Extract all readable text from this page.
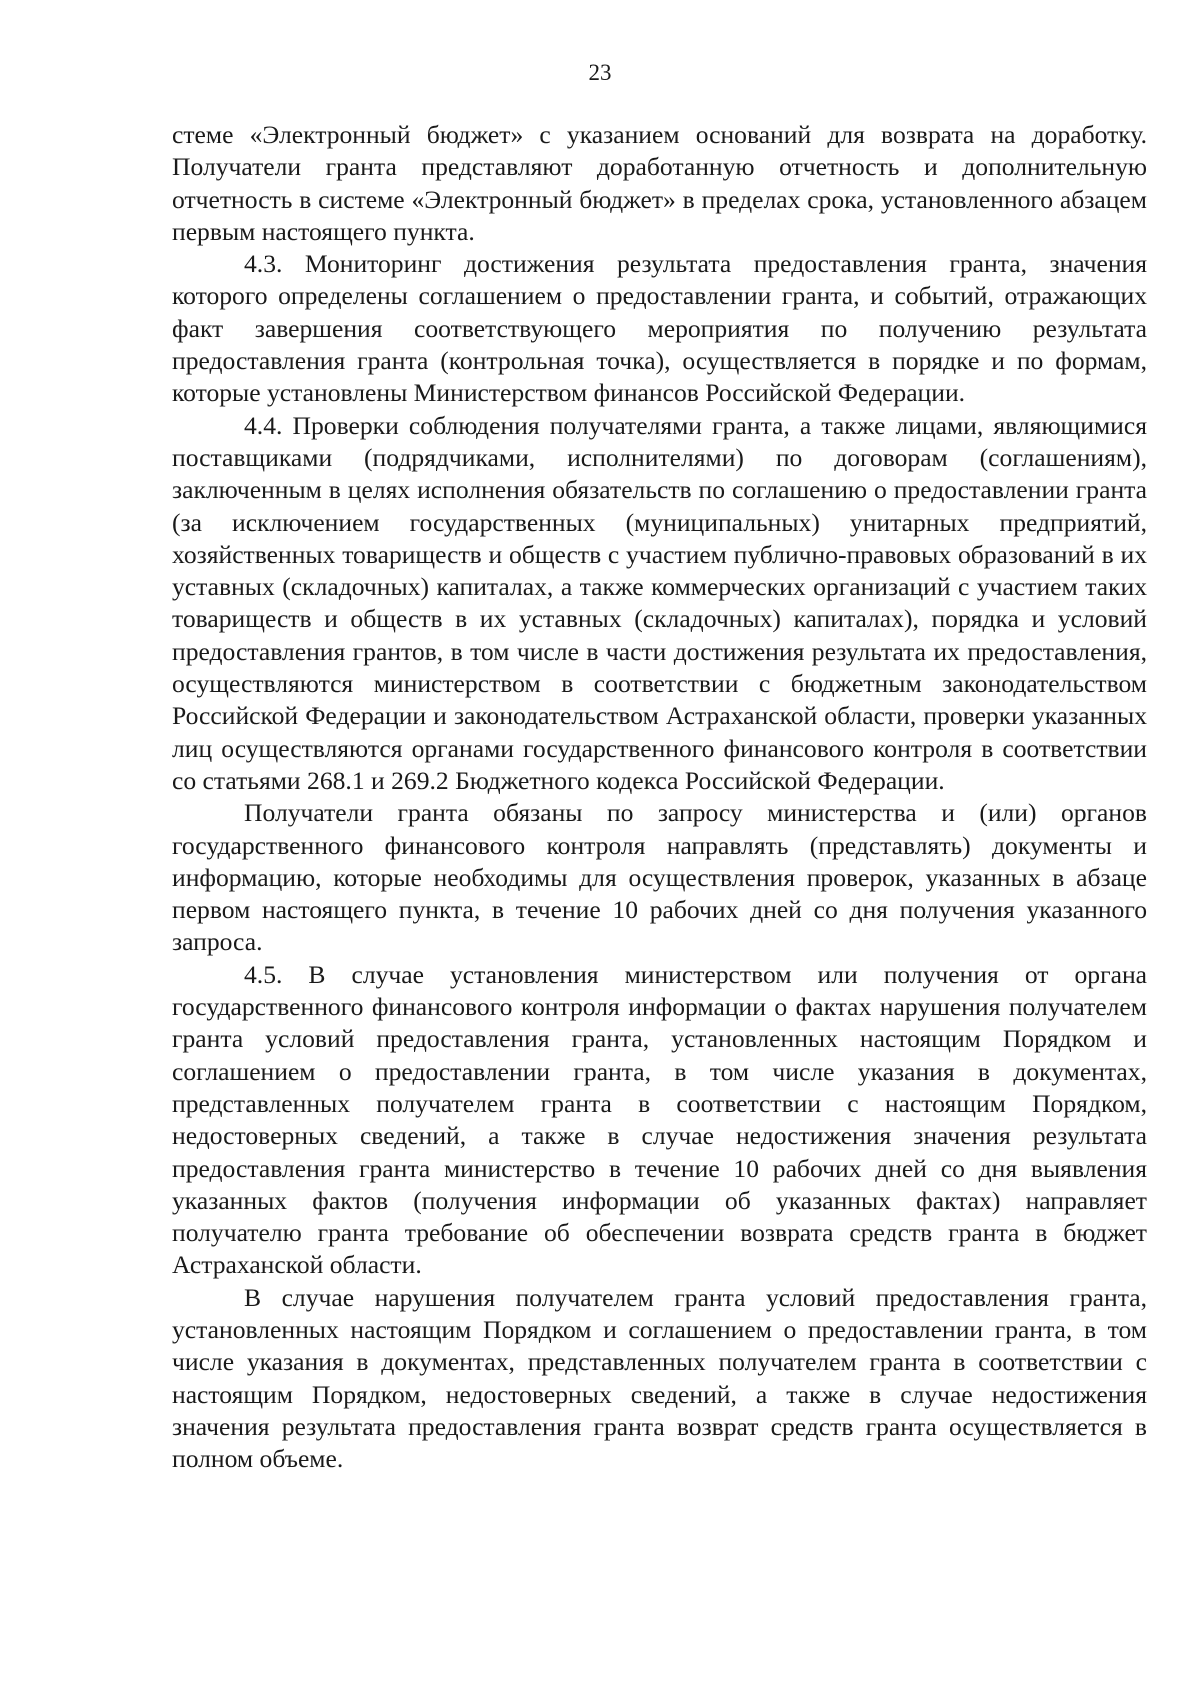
23

стеме «Электронный бюджет» с указанием оснований для возврата на доработку. Получатели гранта представляют доработанную отчетность и дополнительную отчетность в системе «Электронный бюджет» в пределах срока, установленного абзацем первым настоящего пункта.

4.3. Мониторинг достижения результата предоставления гранта, значения которого определены соглашением о предоставлении гранта, и событий, отражающих факт завершения соответствующего мероприятия по получению результата предоставления гранта (контрольная точка), осуществляется в порядке и по формам, которые установлены Министерством финансов Российской Федерации.

4.4. Проверки соблюдения получателями гранта, а также лицами, являющимися поставщиками (подрядчиками, исполнителями) по договорам (соглашениям), заключенным в целях исполнения обязательств по соглашению о предоставлении гранта (за исключением государственных (муниципальных) унитарных предприятий, хозяйственных товариществ и обществ с участием публично-правовых образований в их уставных (складочных) капиталах, а также коммерческих организаций с участием таких товариществ и обществ в их уставных (складочных) капиталах), порядка и условий предоставления грантов, в том числе в части достижения результата их предоставления, осуществляются министерством в соответствии с бюджетным законодательством Российской Федерации и законодательством Астраханской области, проверки указанных лиц осуществляются органами государственного финансового контроля в соответствии со статьями 268.1 и 269.2 Бюджетного кодекса Российской Федерации.

Получатели гранта обязаны по запросу министерства и (или) органов государственного финансового контроля направлять (представлять) документы и информацию, которые необходимы для осуществления проверок, указанных в абзаце первом настоящего пункта, в течение 10 рабочих дней со дня получения указанного запроса.

4.5. В случае установления министерством или получения от органа государственного финансового контроля информации о фактах нарушения получателем гранта условий предоставления гранта, установленных настоящим Порядком и соглашением о предоставлении гранта, в том числе указания в документах, представленных получателем гранта в соответствии с настоящим Порядком, недостоверных сведений, а также в случае недостижения значения результата предоставления гранта министерство в течение 10 рабочих дней со дня выявления указанных фактов (получения информации об указанных фактах) направляет получателю гранта требование об обеспечении возврата средств гранта в бюджет Астраханской области.

В случае нарушения получателем гранта условий предоставления гранта, установленных настоящим Порядком и соглашением о предоставлении гранта, в том числе указания в документах, представленных получателем гранта в соответствии с настоящим Порядком, недостоверных сведений, а также в случае недостижения значения результата предоставления гранта возврат средств гранта осуществляется в полном объеме.
